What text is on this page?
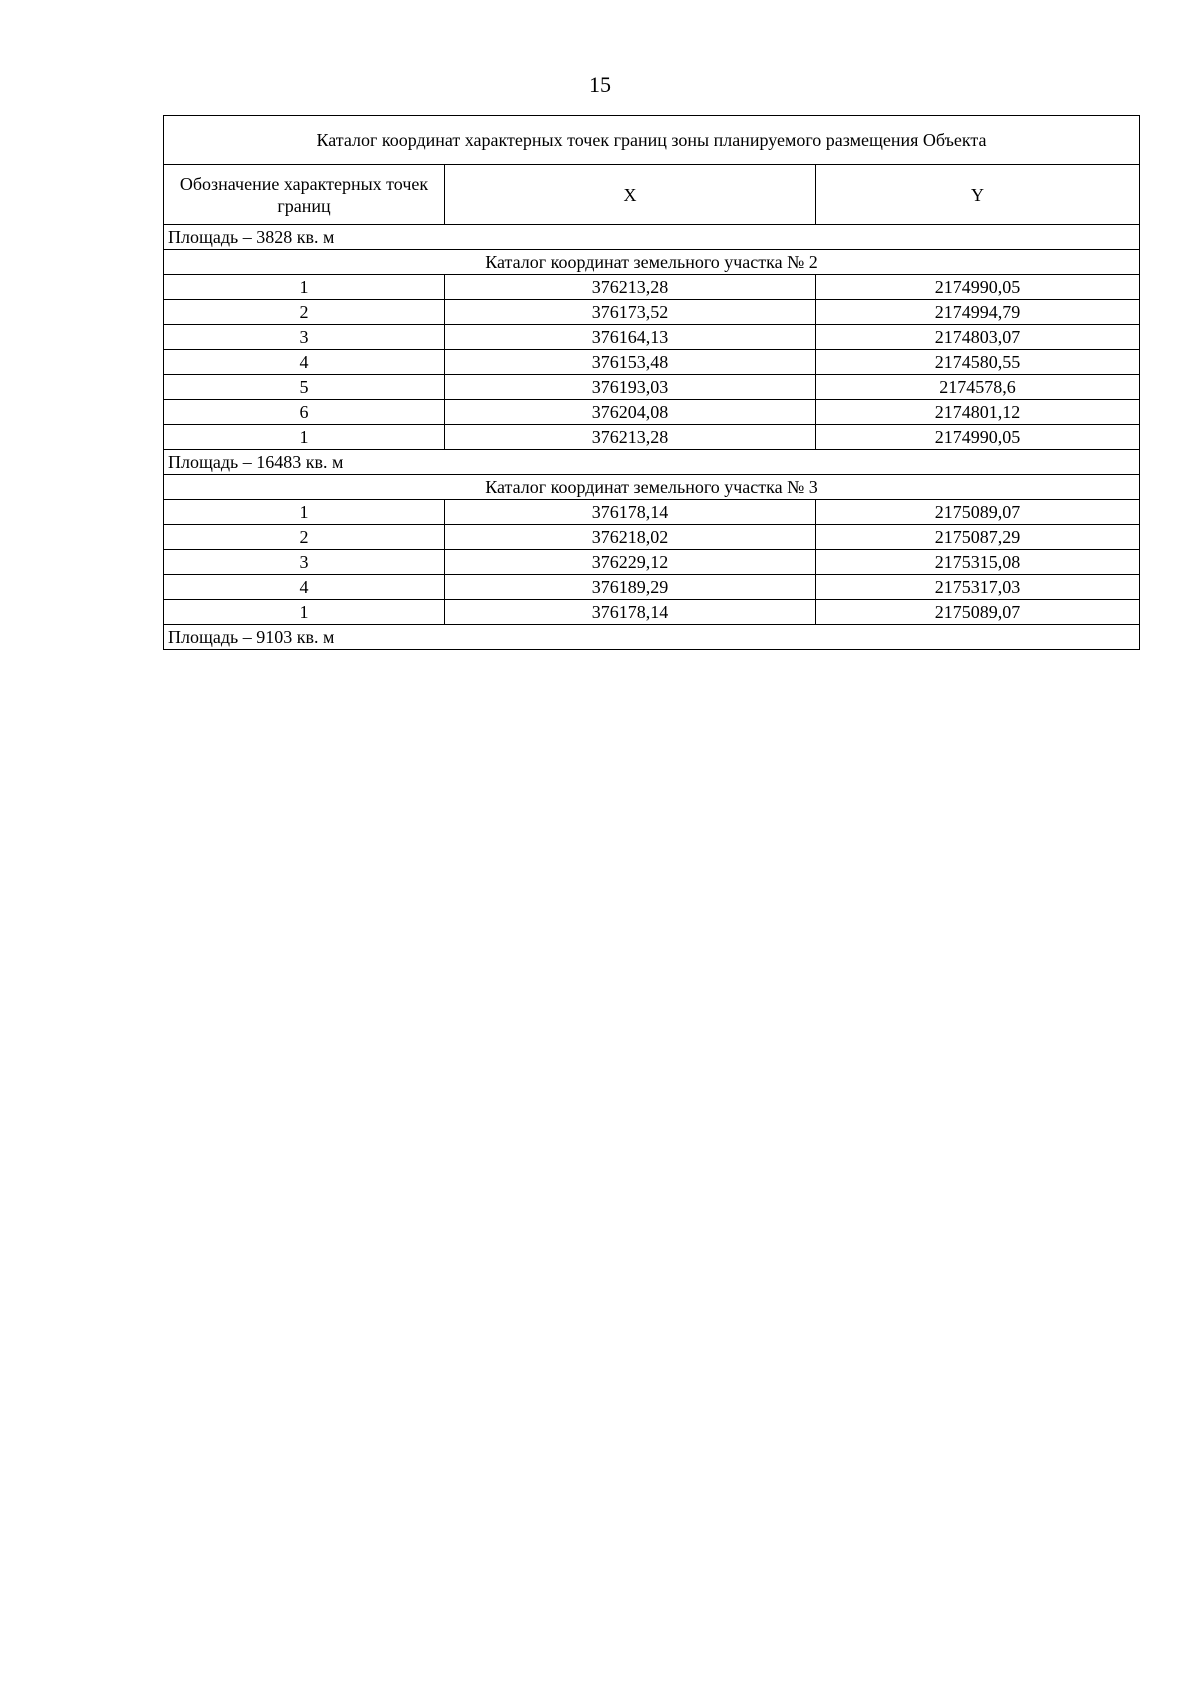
15
Каталог координат характерных точек границ зоны планируемого размещения Объекта		
Обозначение характерных точек границ	X	Y
Площадь – 3828 кв. м		
Каталог координат земельного участка № 2		
1	376213,28	2174990,05
2	376173,52	2174994,79
3	376164,13	2174803,07
4	376153,48	2174580,55
5	376193,03	2174578,6
6	376204,08	2174801,12
1	376213,28	2174990,05
Площадь – 16483 кв. м		
Каталог координат земельного участка № 3		
1	376178,14	2175089,07
2	376218,02	2175087,29
3	376229,12	2175315,08
4	376189,29	2175317,03
1	376178,14	2175089,07
Площадь – 9103 кв. м		
